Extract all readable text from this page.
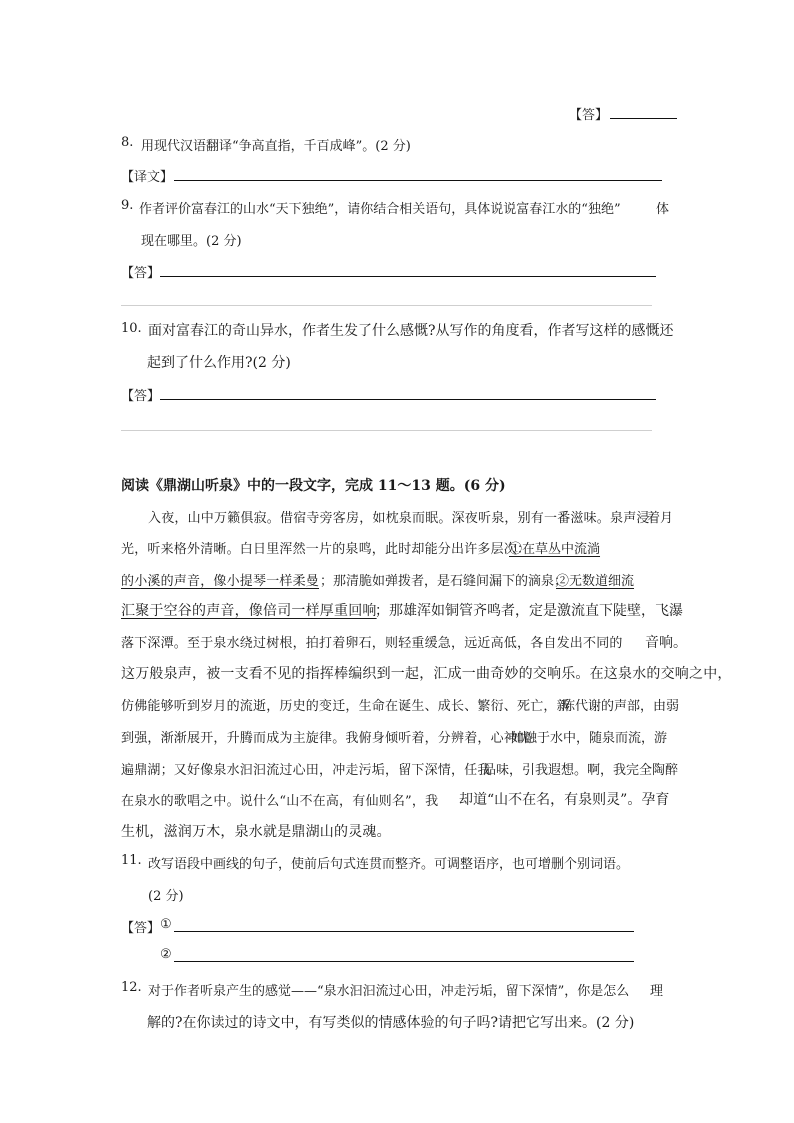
【答】
8. 用现代汉语翻译“争高直指，千百成峰”。(2 分)
【译文】
9. 作者评价富春江的山水“天下独绝”，请你结合相关语句，具体说说富春江水的“独绝”	体
现在哪里。(2 分)
【答】
10. 面对富春江的奇山异水，作者生发了什么感慨?从写作的角度看，作者写这样的感慨还
起到了什么作用?(2 分)
【答】
阅读《鼎湖山听泉》中的一段文字，完成 11～13 题。(6 分)
入夜，山中万籁俱寂。借宿寺旁客房，如枕泉而眠。深夜听泉，别有一番滋味。泉声浸
着月
光，听来格外清晰。白日里浑然一片的泉鸣，此时却能分出许多层次：
①在草丛中流淌
的小溪的声音，像小提琴一样柔曼 ；那清脆如弹拨者，是石缝间漏下的滴泉；
②无数道细流
汇聚于空谷的声音，像倍司一样厚重回响
；那雄浑如铜管齐鸣者，定是激流直下陡壁，飞瀑
落下深潭。至于泉水绕过树根，拍打着卵石，则轻重缓急，远近高低，各自发出不同的 音响。
这万般泉声，被一支看不见的指挥棒编织到一起，汇成一曲奇妙的交响乐。在这泉水的交响之中，
仿佛能够听到岁月的流逝，历史的变迁，生命在诞生、成长、繁衍、死亡，新
陈代谢的声部，由弱
到强，渐渐展开，升腾而成为主旋律。我俯身倾听着，分辨着，心神忧
如融于水中，随泉而流，游
遍鼎湖；又好像泉水汩汩流过心田，冲走污垢，留下深情，任我
品味，引我遐想。啊，我完全陶醉
在泉水的歌唱之中。说什么“山不在高，有仙则名”，我 却道“山不在名，有泉则灵”。孕育
生机，滋润万木，泉水就是鼎湖山的灵魂。
11. 改写语段中画线的句子，使前后句式连贯而整齐。可调整语序，也可增删个别词语。
(2 分)
【答】 ①
②
12. 对于作者听泉产生的感觉——“泉水汩汩流过心田，冲走污垢，留下深情”，你是怎么 理
解的?在你读过的诗文中，有写类似的情感体验的句子吗?请把它写出来。(2 分)
